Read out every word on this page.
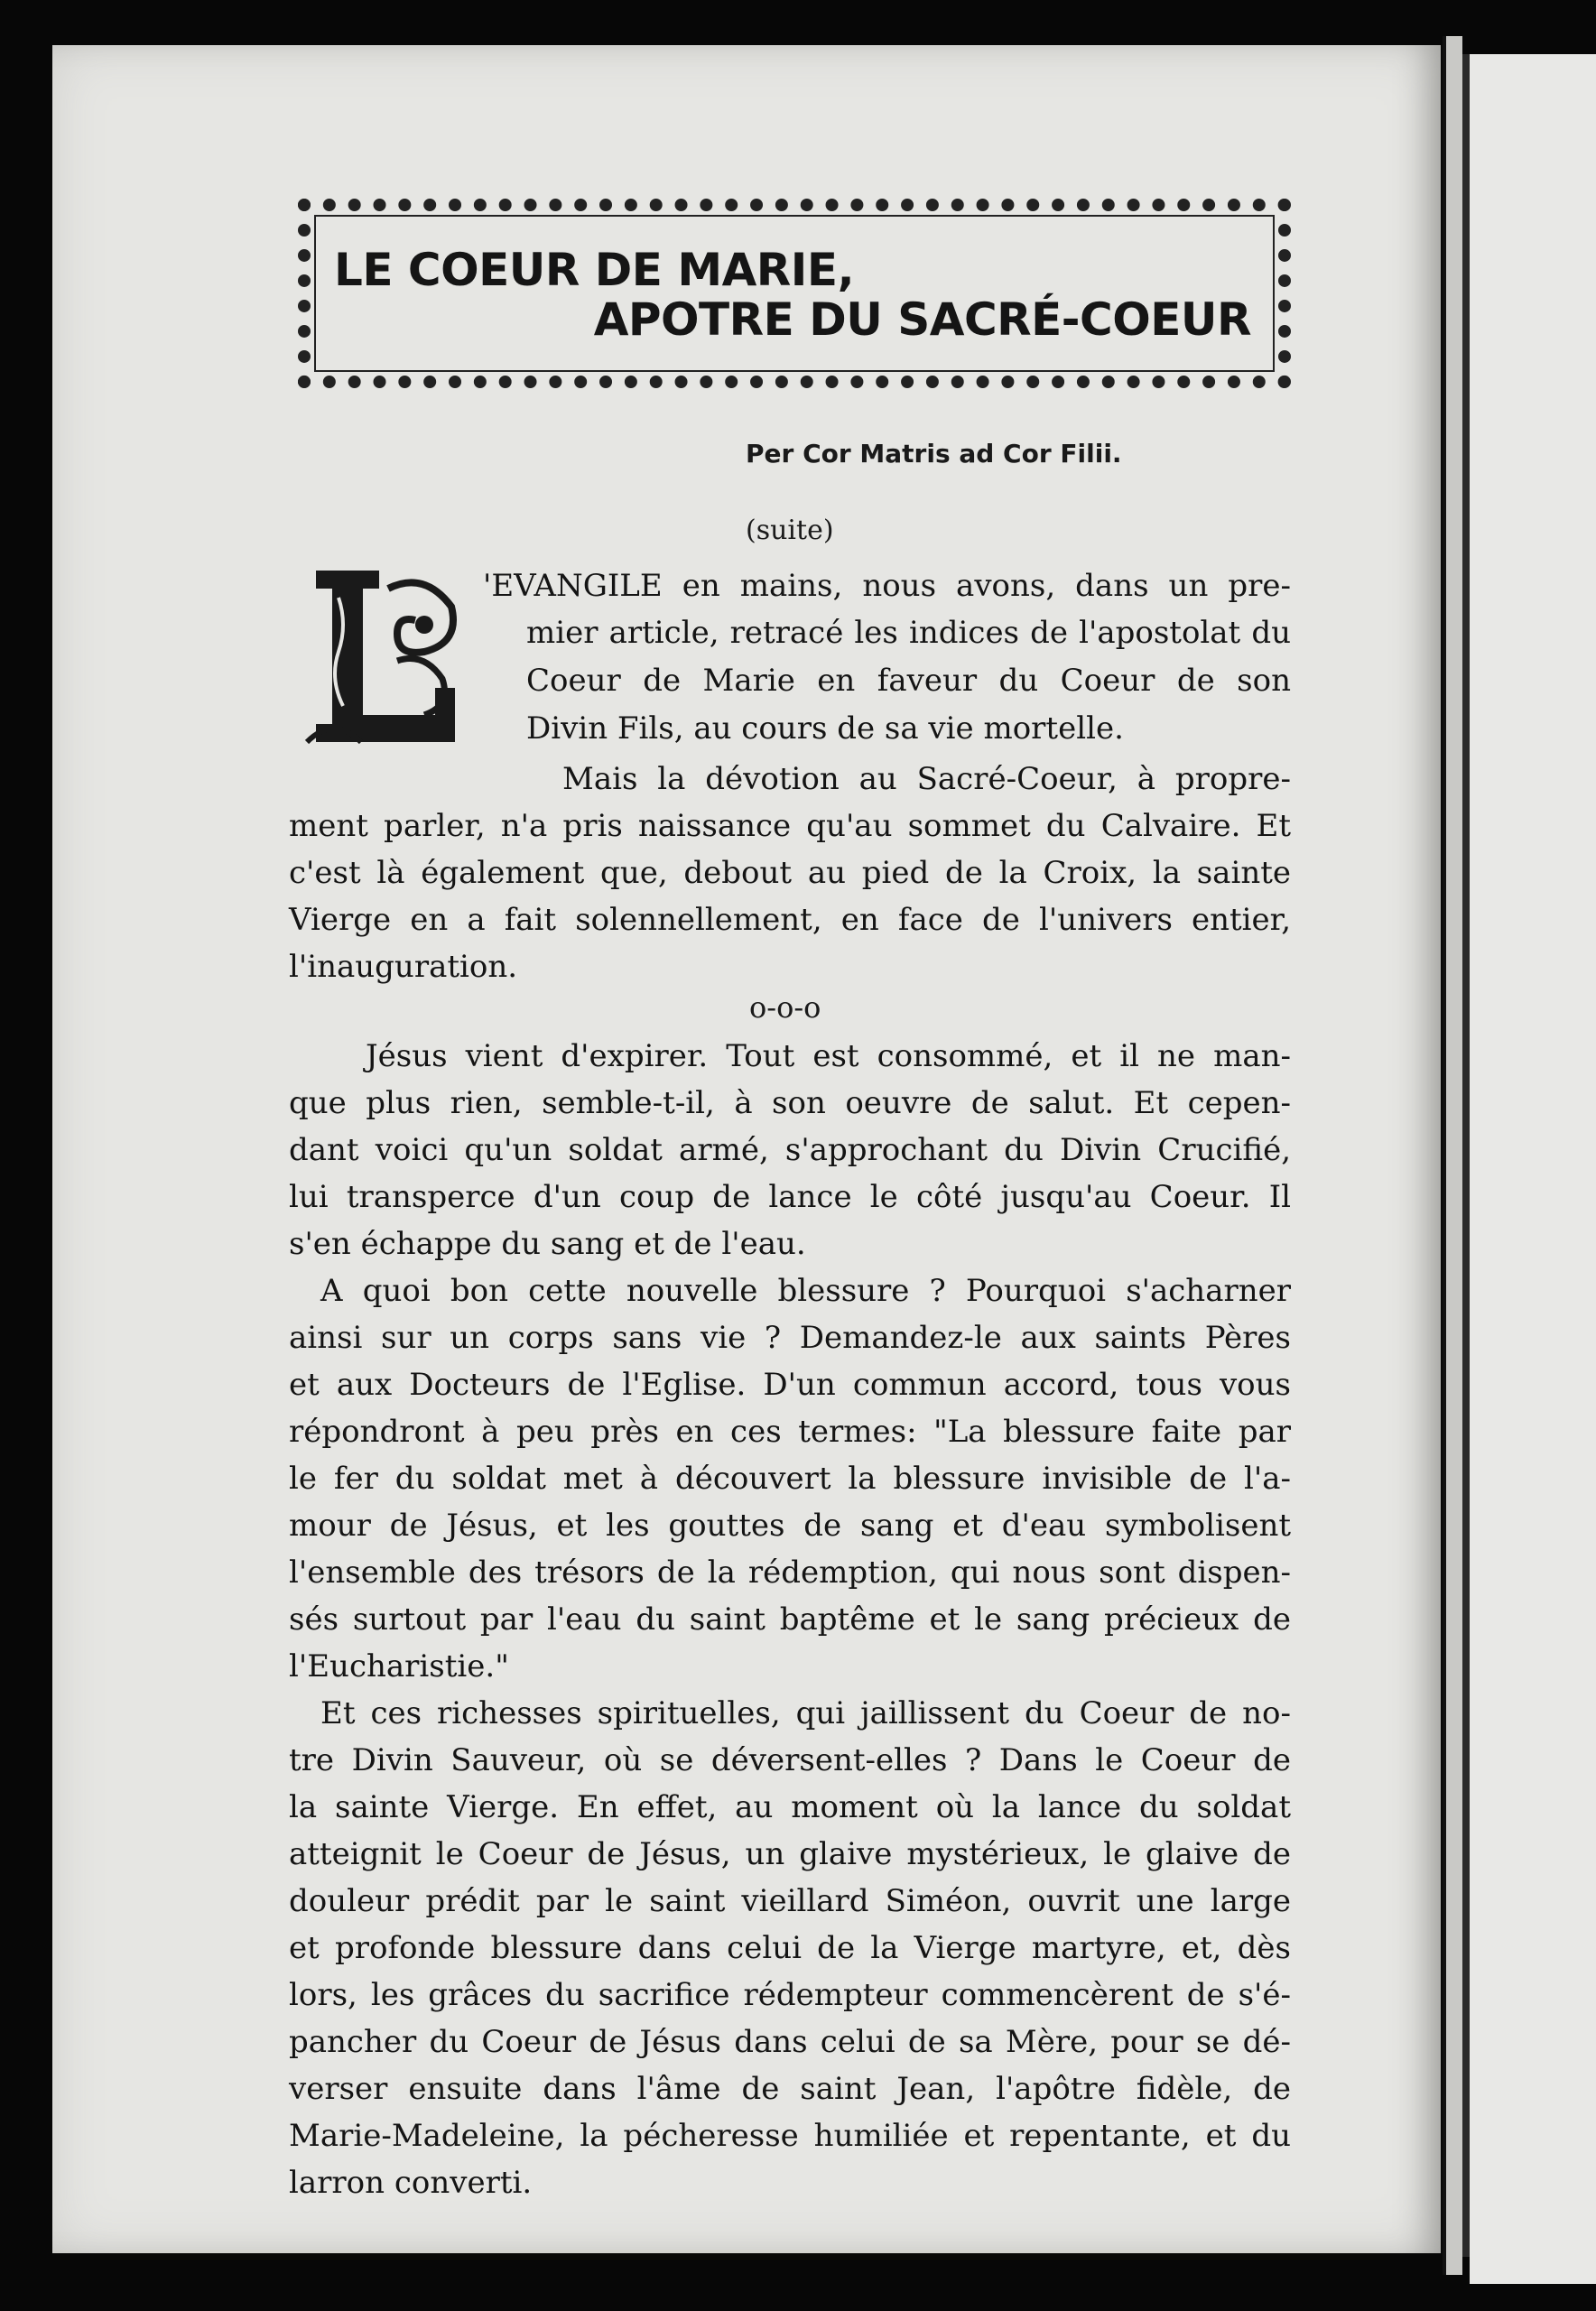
LE COEUR DE MARIE,
APOTRE DU SACRÉ-COEUR
Per Cor Matris ad Cor Filii.
(suite)
'EVANGILE en mains, nous avons, dans un pre-
mier article, retracé les indices de l'apostolat du
Coeur de Marie en faveur du Coeur de son
Divin Fils, au cours de sa vie mortelle.
Mais la dévotion au Sacré-Coeur, à propre-
ment parler, n'a pris naissance qu'au sommet du Calvaire. Et
c'est là également que, debout au pied de la Croix, la sainte
Vierge en a fait solennellement, en face de l'univers entier,
l'inauguration.
Jésus vient d'expirer. Tout est consommé, et il ne man-
que plus rien, semble-t-il, à son oeuvre de salut. Et cepen-
dant voici qu'un soldat armé, s'approchant du Divin Crucifié,
lui transperce d'un coup de lance le côté jusqu'au Coeur. Il
s'en échappe du sang et de l'eau.
A quoi bon cette nouvelle blessure ? Pourquoi s'acharner
ainsi sur un corps sans vie ? Demandez-le aux saints Pères
et aux Docteurs de l'Eglise. D'un commun accord, tous vous
répondront à peu près en ces termes: "La blessure faite par
le fer du soldat met à découvert la blessure invisible de l'a-
mour de Jésus, et les gouttes de sang et d'eau symbolisent
l'ensemble des trésors de la rédemption, qui nous sont dispen-
sés surtout par l'eau du saint baptême et le sang précieux de
l'Eucharistie."
Et ces richesses spirituelles, qui jaillissent du Coeur de no-
tre Divin Sauveur, où se déversent-elles ? Dans le Coeur de
la sainte Vierge. En effet, au moment où la lance du soldat
atteignit le Coeur de Jésus, un glaive mystérieux, le glaive de
douleur prédit par le saint vieillard Siméon, ouvrit une large
et profonde blessure dans celui de la Vierge martyre, et, dès
lors, les grâces du sacrifice rédempteur commencèrent de s'é-
pancher du Coeur de Jésus dans celui de sa Mère, pour se dé-
verser ensuite dans l'âme de saint Jean, l'apôtre fidèle, de
Marie-Madeleine, la pécheresse humiliée et repentante, et du
larron converti.
o-o-o
